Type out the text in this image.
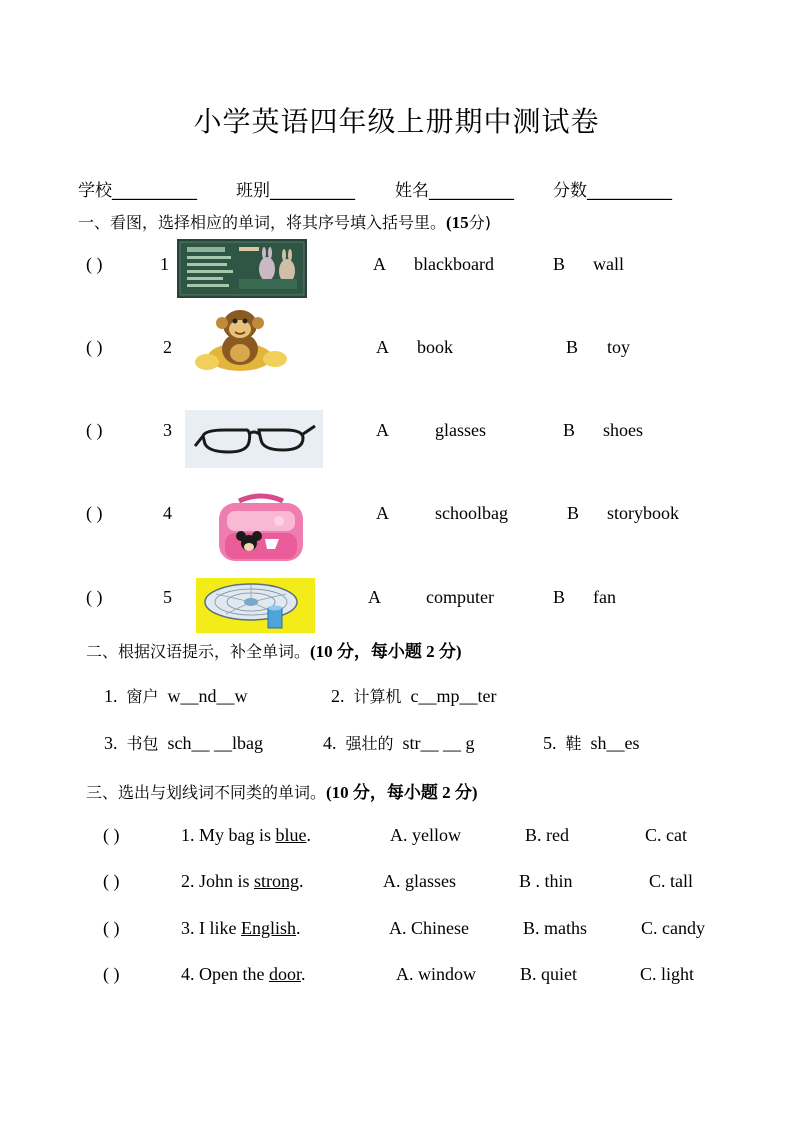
小学英语四年级上册期中测试卷
学校__________ 班别__________ 姓名__________ 分数__________
一、看图，选择相应的单词，将其序号填入括号里。(15分)
( )	1	A blackboard	B wall
( )	2	A book	B toy
( )	3	A	glasses	B shoes
( )	4	A	schoolbag	B storybook
( )	5	A	computer	B fan
二、根据汉语提示，补全单词。(10 分，每小题 2 分)
1. 窗户 w__nd__w	2. 计算机 c__mp__ter
3. 书包 sch__ __lbag	4. 强壮的 str__ __ g	5. 鞋 sh__es
三、选出与划线词不同类的单词。(10 分，每小题 2 分)
( )	1. My bag is blue.	A. yellow	B. red	C. cat
( )	2. John is strong.	A. glasses	B . thin	C. tall
( )	3. I like English.	A. Chinese	B. maths	C. candy
( )	4. Open the door.	A. window B. quiet	C. light
